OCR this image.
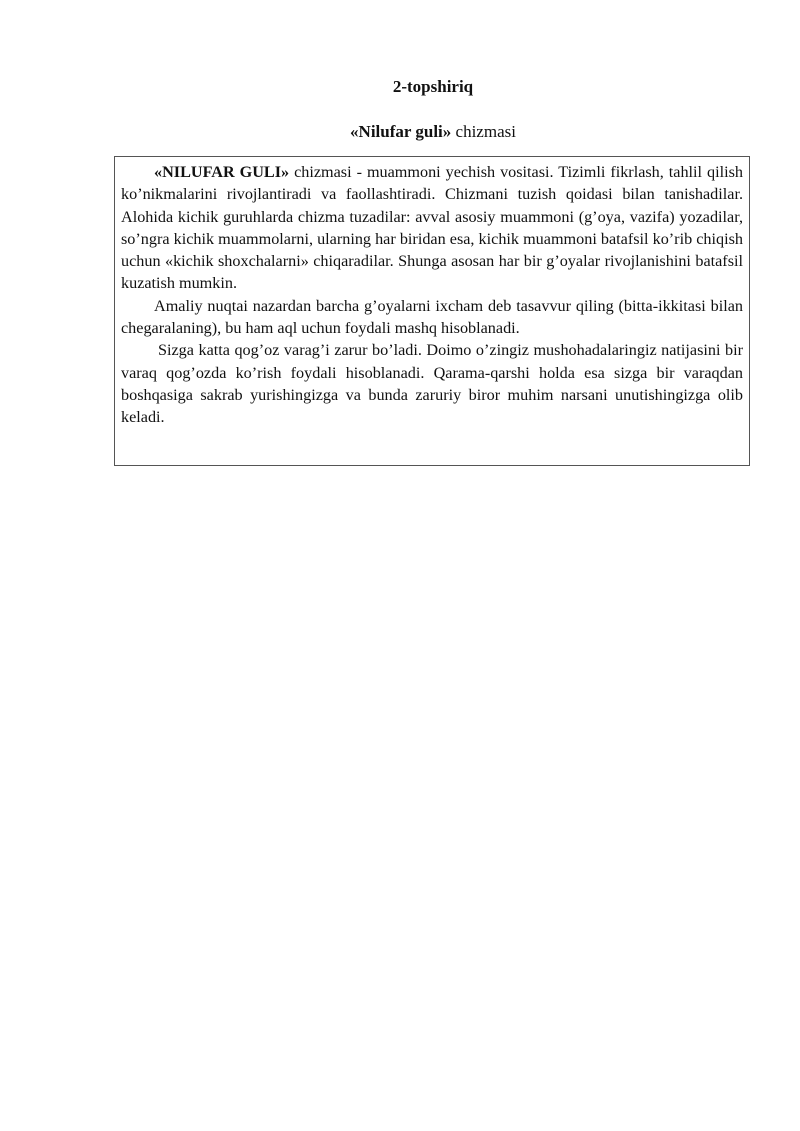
2-topshiriq
«Nilufar guli» chizmasi

«NILUFAR GULI» chizmasi - muammoni yechish vositasi. Tizimli fikrlash, tahlil qilish ko’nikmalarini rivojlantiradi va faollashtiradi. Chizmani tuzish qoidasi bilan tanishadilar. Alohida kichik guruhlarda chizma tuzadilar: avval asosiy muammoni (g’oya, vazifa) yozadilar, so’ngra kichik muammolarni, ularning har biridan esa, kichik muammoni batafsil ko’rib chiqish uchun «kichik shoxchalarni» chiqaradilar. Shunga asosan har bir g’oyalar rivojlanishini batafsil kuzatish mumkin.

Amaliy nuqtai nazardan barcha g’oyalarni ixcham deb tasavvur qiling (bitta-ikkitasi bilan chegaralaning), bu ham aql uchun foydali mashq hisoblanadi.

Sizga katta qog’oz varag’i zarur bo’ladi. Doimo o’zingiz mushohadalaringiz natijasini bir varaq qog’ozda ko’rish foydali hisoblanadi. Qarama-qarshi holda esa sizga bir varaqdan boshqasiga sakrab yurishingizga va bunda zaruriy biror muhim narsani unutishingizga olib keladi.
